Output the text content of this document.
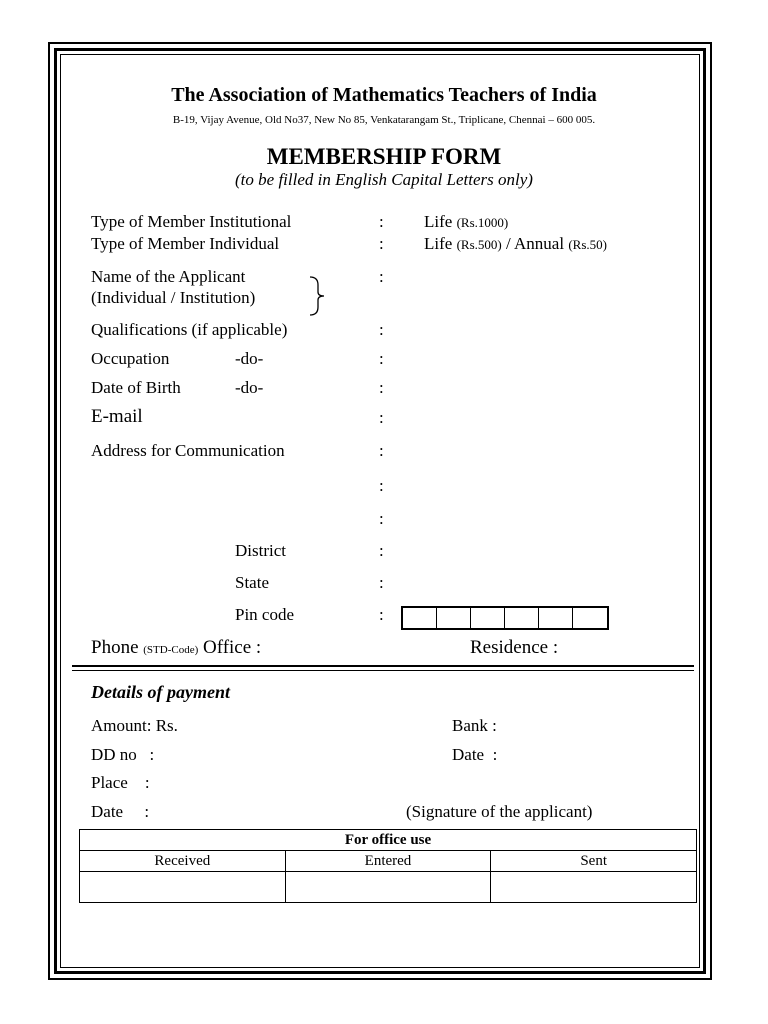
The Association of Mathematics Teachers of India
B-19, Vijay Avenue, Old No37, New No 85, Venkatarangam St., Triplicane, Chennai – 600 005.
MEMBERSHIP FORM
(to be filled in English Capital Letters only)
Type of Member Institutional	: Life (Rs.1000)
Type of Member Individual	: Life (Rs.500) / Annual (Rs.50)
Name of the Applicant
(Individual / Institution)
:
Qualifications (if applicable)	:
Occupation	-do-	:
Date of Birth	-do-	:
E-mail	:
Address for Communication	:
:
:
District	:
State	:
Pin code	:
Phone (STD-Code) Office :	Residence :
Details of payment
Amount: Rs.	Bank :
DD no   :	Date  :
Place    :
Date     :	(Signature of the applicant)
For office use		
Received	Entered	Sent
